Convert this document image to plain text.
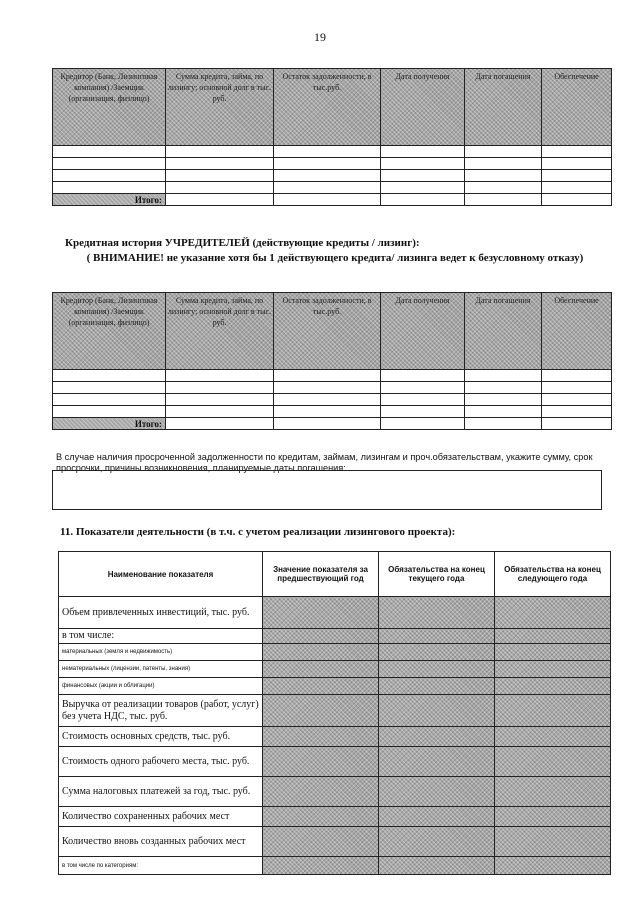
19
Кредитор (Банк, Лизинговая компания) /Заемщик (организация, физлицо)	Сумма кредита, займа, по лизингу; основной долг в тыс. руб.	Остаток задолженности, в тыс.руб.	Дата получения	Дата погашения	Обеспечение

Итого:					
Кредитная история УЧРЕДИТЕЛЕЙ (действующие кредиты / лизинг):
( ВНИМАНИЕ! не указание хотя бы 1 действующего кредита/ лизинга ведет к безусловному отказу)
Кредитор (Банк, Лизинговая компания) /Заемщик (организация, физлицо)	Сумма кредита, займа, по лизингу; основной долг в тыс. руб.	Остаток задолженности, в тыс.руб.	Дата получения	Дата погашения	Обеспечение

Итого:					
В случае наличия просроченной задолженности по кредитам, займам, лизингам и проч.обязательствам, укажите сумму, срок просрочки, причины возникновения, планируемые даты погашения:
11. Показатели деятельности (в т.ч. с учетом реализации лизингового проекта):
Наименование показателя	Значение показателя за предшествующий год	Обязательства на конец текущего года	Обязательства на конец следующего года
Объем привлеченных инвестиций, тыс. руб.			
в том числе:			
материальных (земля и недвижимость)			
нематериальных (лицензии, патенты, знания)			
финансовых (акции и облигации)			
Выручка от реализации товаров (работ, услуг) без учета НДС, тыс. руб.			
Стоимость основных средств, тыс. руб.			
Стоимость одного рабочего места, тыс. руб.			
Сумма налоговых платежей за год, тыс. руб.			
Количество сохраненных рабочих мест			
Количество вновь созданных рабочих мест			
в том числе по категориям:			
